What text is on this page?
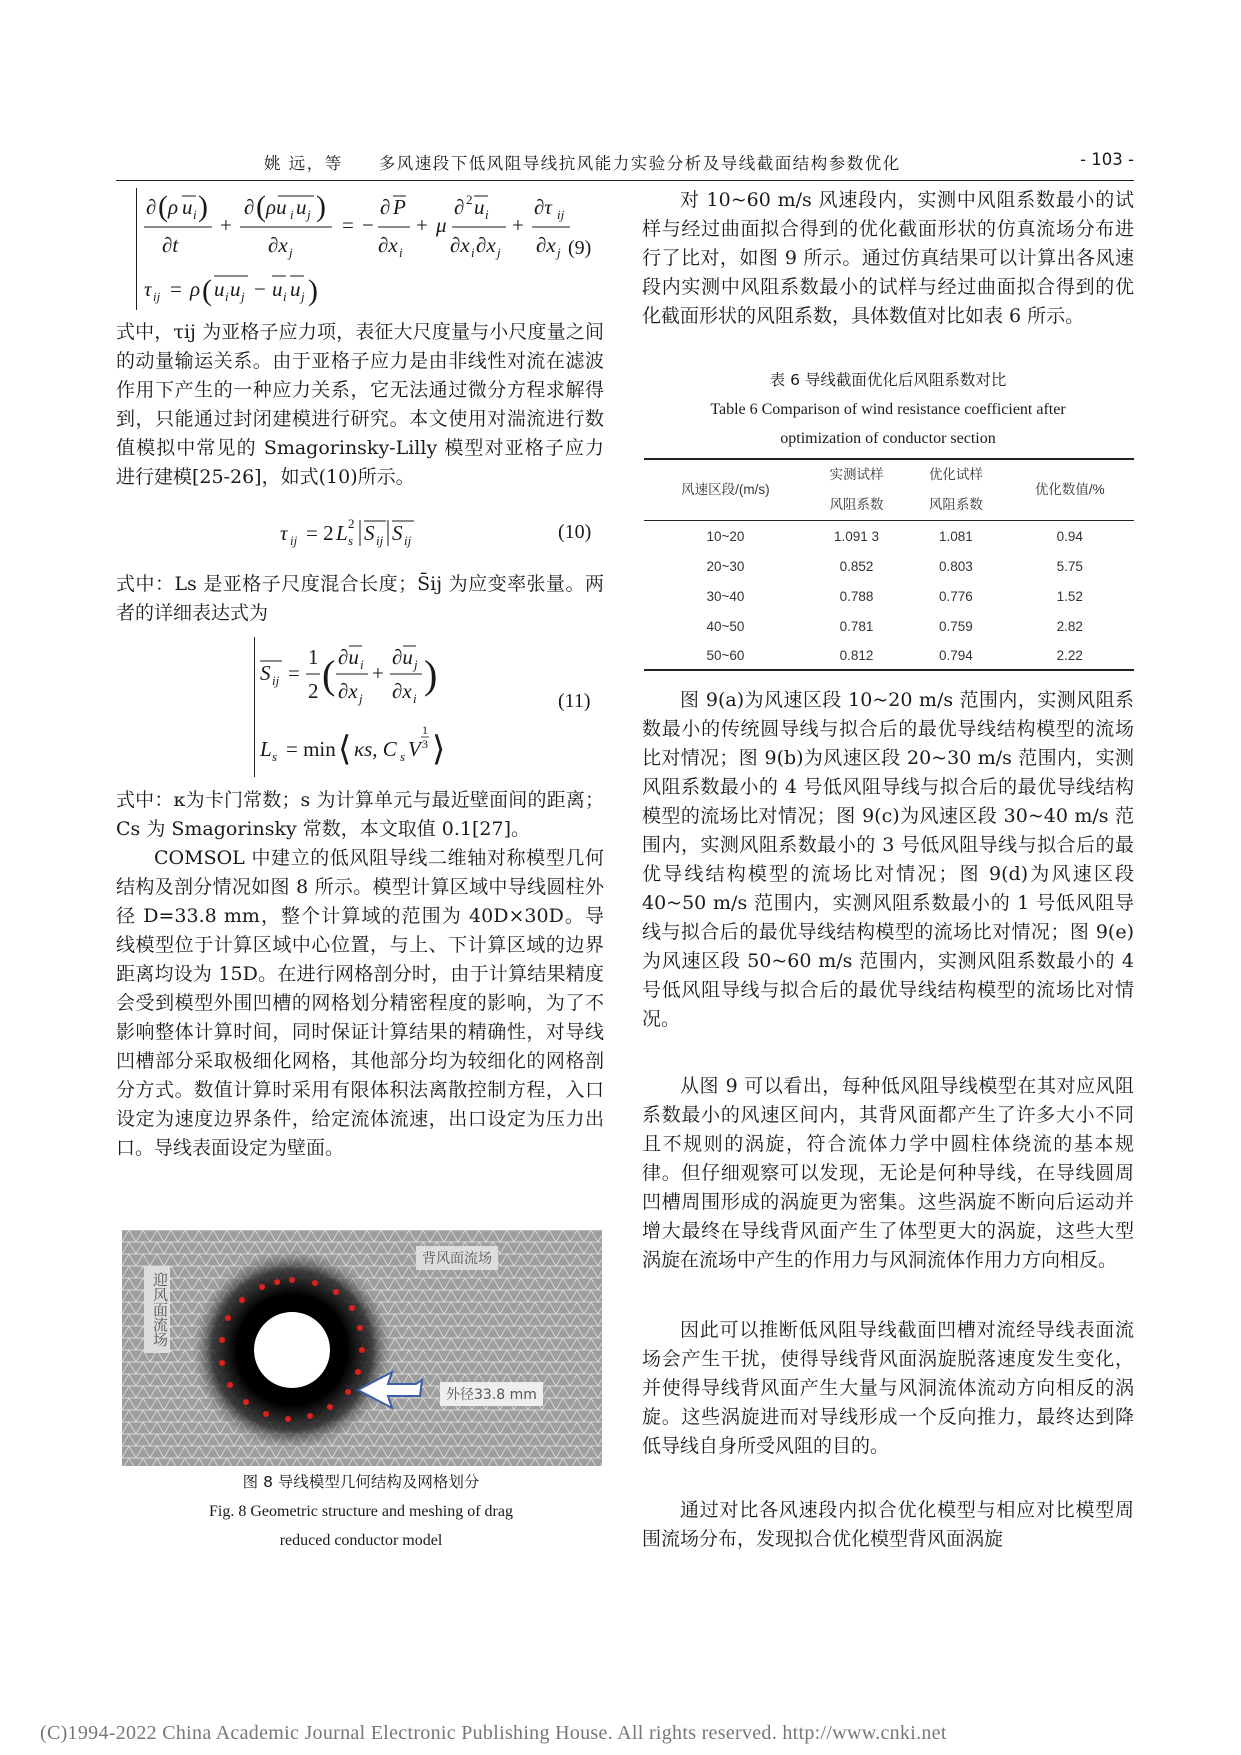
姚 远，等　　多风速段下低风阻导线抗风能力实验分析及导线截面结构参数优化	- 103 -
∂ ( ρ u i )
∂t
+
∂ ( ρu i u j )
∂x j
= −
∂ P
∂x i
+ μ
∂ 2 u i
∂x i ∂x j
+
∂τ ij
∂x j
τ ij = ρ ( u i u j − u i u j )
(9)

式中，τij 为亚格子应力项，表征大尺度量与小尺度量之间的动量输运关系。由于亚格子应力是由非线性对流在滤波作用下产生的一种应力关系，它无法通过微分方程求解得到，只能通过封闭建模进行研究。本文使用对湍流进行数值模拟中常见的 Smagorinsky-Lilly 模型对亚格子应力进行建模[25-26]，如式(10)所示。

τ ij = 2 L 2
s S ij S ij	(10)

式中：Ls 是亚格子尺度混合长度；S̄ij 为应变率张量。两者的详细表达式为

S ij =
1
2 ( ∂u i
∂x j
+
∂u j
∂x i
)
L s = min ⟨ κs, C s V
1
3 ⟩
(11)

式中：κ为卡门常数；s 为计算单元与最近壁面间的距离；Cs 为 Smagorinsky 常数，本文取值 0.1[27]。

COMSOL 中建立的低风阻导线二维轴对称模型几何结构及剖分情况如图 8 所示。模型计算区域中导线圆柱外径 D=33.8 mm，整个计算域的范围为 40D×30D。导线模型位于计算区域中心位置，与上、下计算区域的边界距离均设为 15D。在进行网格剖分时，由于计算结果精度会受到模型外围凹槽的网格划分精密程度的影响，为了不影响整体计算时间，同时保证计算结果的精确性，对导线凹槽部分采取极细化网格，其他部分均为较细化的网格剖分方式。数值计算时采用有限体积法离散控制方程，入口设定为速度边界条件，给定流体流速，出口设定为压力出口。导线表面设定为壁面。

迎风面流场
背风面流场
外径33.8 mm
图 8 导线模型几何结构及网格划分
Fig. 8 Geometric structure and meshing of drag
reduced conductor model

对 10~60 m/s 风速段内，实测中风阻系数最小的试样与经过曲面拟合得到的优化截面形状的仿真流场分布进行了比对，如图 9 所示。通过仿真结果可以计算出各风速段内实测中风阻系数最小的试样与经过曲面拟合得到的优化截面形状的风阻系数，具体数值对比如表 6 所示。

表 6 导线截面优化后风阻系数对比
Table 6 Comparison of wind resistance coefficient after
optimization of conductor section
风速区段/(m/s)	实测试样	优化试样	优化数值/%
	风阻系数	风阻系数	
10~20	1.091 3	1.081	0.94
20~30	0.852	0.803	5.75
30~40	0.788	0.776	1.52
40~50	0.781	0.759	2.82
50~60	0.812	0.794	2.22

图 9(a)为风速区段 10~20 m/s 范围内，实测风阻系数最小的传统圆导线与拟合后的最优导线结构模型的流场比对情况；图 9(b)为风速区段 20~30 m/s 范围内，实测风阻系数最小的 4 号低风阻导线与拟合后的最优导线结构模型的流场比对情况；图 9(c)为风速区段 30~40 m/s 范围内，实测风阻系数最小的 3 号低风阻导线与拟合后的最优导线结构模型的流场比对情况；图 9(d)为风速区段 40~50 m/s 范围内，实测风阻系数最小的 1 号低风阻导线与拟合后的最优导线结构模型的流场比对情况；图 9(e)为风速区段 50~60 m/s 范围内，实测风阻系数最小的 4 号低风阻导线与拟合后的最优导线结构模型的流场比对情况。

从图 9 可以看出，每种低风阻导线模型在其对应风阻系数最小的风速区间内，其背风面都产生了许多大小不同且不规则的涡旋，符合流体力学中圆柱体绕流的基本规律。但仔细观察可以发现，无论是何种导线，在导线圆周凹槽周围形成的涡旋更为密集。这些涡旋不断向后运动并增大最终在导线背风面产生了体型更大的涡旋，这些大型涡旋在流场中产生的作用力与风洞流体作用力方向相反。

因此可以推断低风阻导线截面凹槽对流经导线表面流场会产生干扰，使得导线背风面涡旋脱落速度发生变化，并使得导线背风面产生大量与风洞流体流动方向相反的涡旋。这些涡旋进而对导线形成一个反向推力，最终达到降低导线自身所受风阻的目的。

通过对比各风速段内拟合优化模型与相应对比模型周围流场分布，发现拟合优化模型背风面涡旋

(C)1994-2022 China Academic Journal Electronic Publishing House. All rights reserved. http://www.cnki.net
